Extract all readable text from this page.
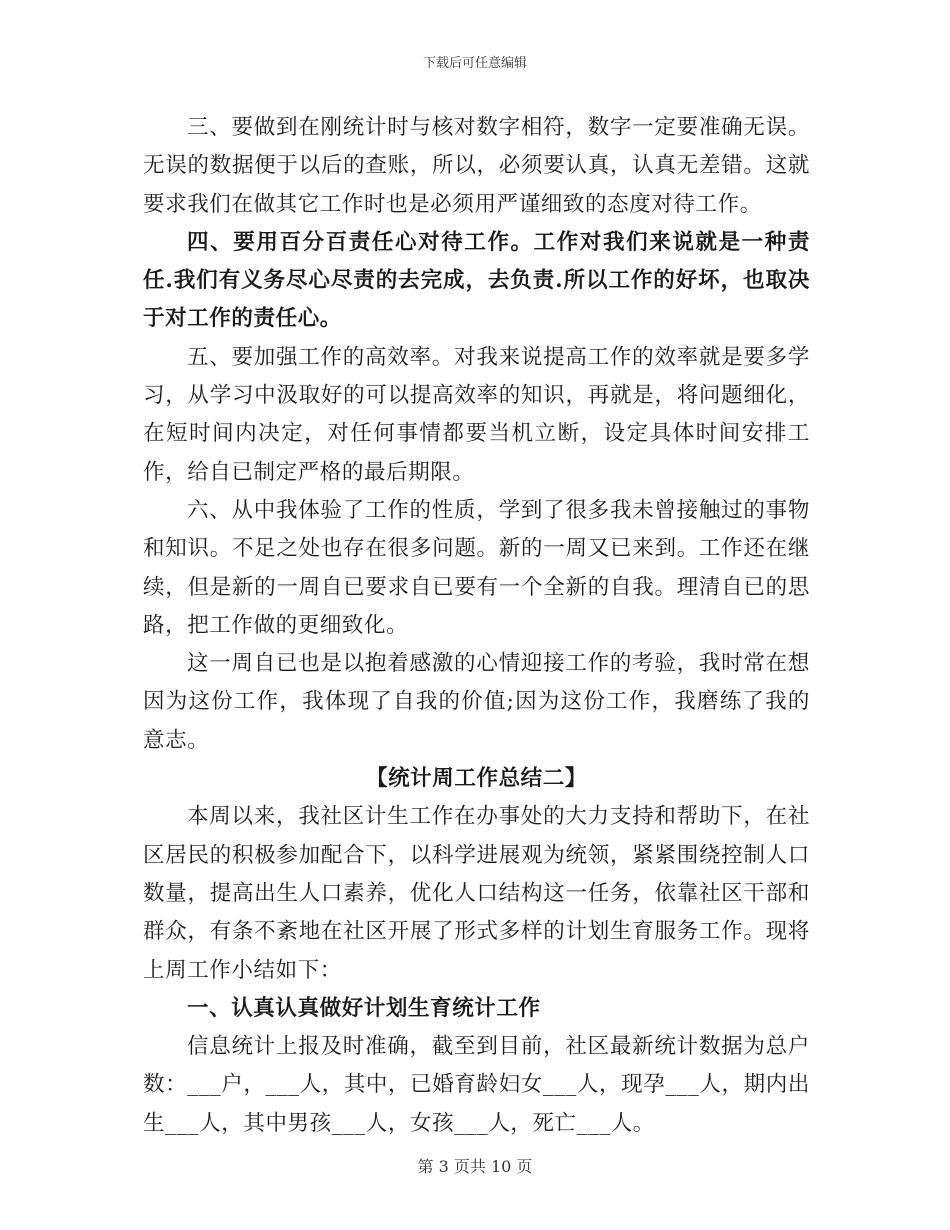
下载后可任意编辑

三、要做到在刚统计时与核对数字相符，数字一定要准确无误。无误的数据便于以后的查账，所以，必须要认真，认真无差错。这就要求我们在做其它工作时也是必须用严谨细致的态度对待工作。

四、要用百分百责任心对待工作。工作对我们来说就是一种责任.我们有义务尽心尽责的去完成，去负责.所以工作的好坏，也取决于对工作的责任心。

五、要加强工作的高效率。对我来说提高工作的效率就是要多学习，从学习中汲取好的可以提高效率的知识，再就是，将问题细化，在短时间内决定，对任何事情都要当机立断，设定具体时间安排工作，给自已制定严格的最后期限。

六、从中我体验了工作的性质，学到了很多我未曾接触过的事物和知识。不足之处也存在很多问题。新的一周又已来到。工作还在继续，但是新的一周自已要求自已要有一个全新的自我。理清自已的思路，把工作做的更细致化。

这一周自已也是以抱着感激的心情迎接工作的考验，我时常在想因为这份工作，我体现了自我的价值;因为这份工作，我磨练了我的意志。

【统计周工作总结二】

本周以来，我社区计生工作在办事处的大力支持和帮助下，在社区居民的积极参加配合下，以科学进展观为统领，紧紧围绕控制人口数量，提高出生人口素养，优化人口结构这一任务，依靠社区干部和群众，有条不紊地在社区开展了形式多样的计划生育服务工作。现将上周工作小结如下：

一、认真认真做好计划生育统计工作

信息统计上报及时准确，截至到目前，社区最新统计数据为总户数：___户，___人，其中，已婚育龄妇女___人，现孕___人，期内出生___人，其中男孩___人，女孩___人，死亡___人。

第 3 页共 10 页
